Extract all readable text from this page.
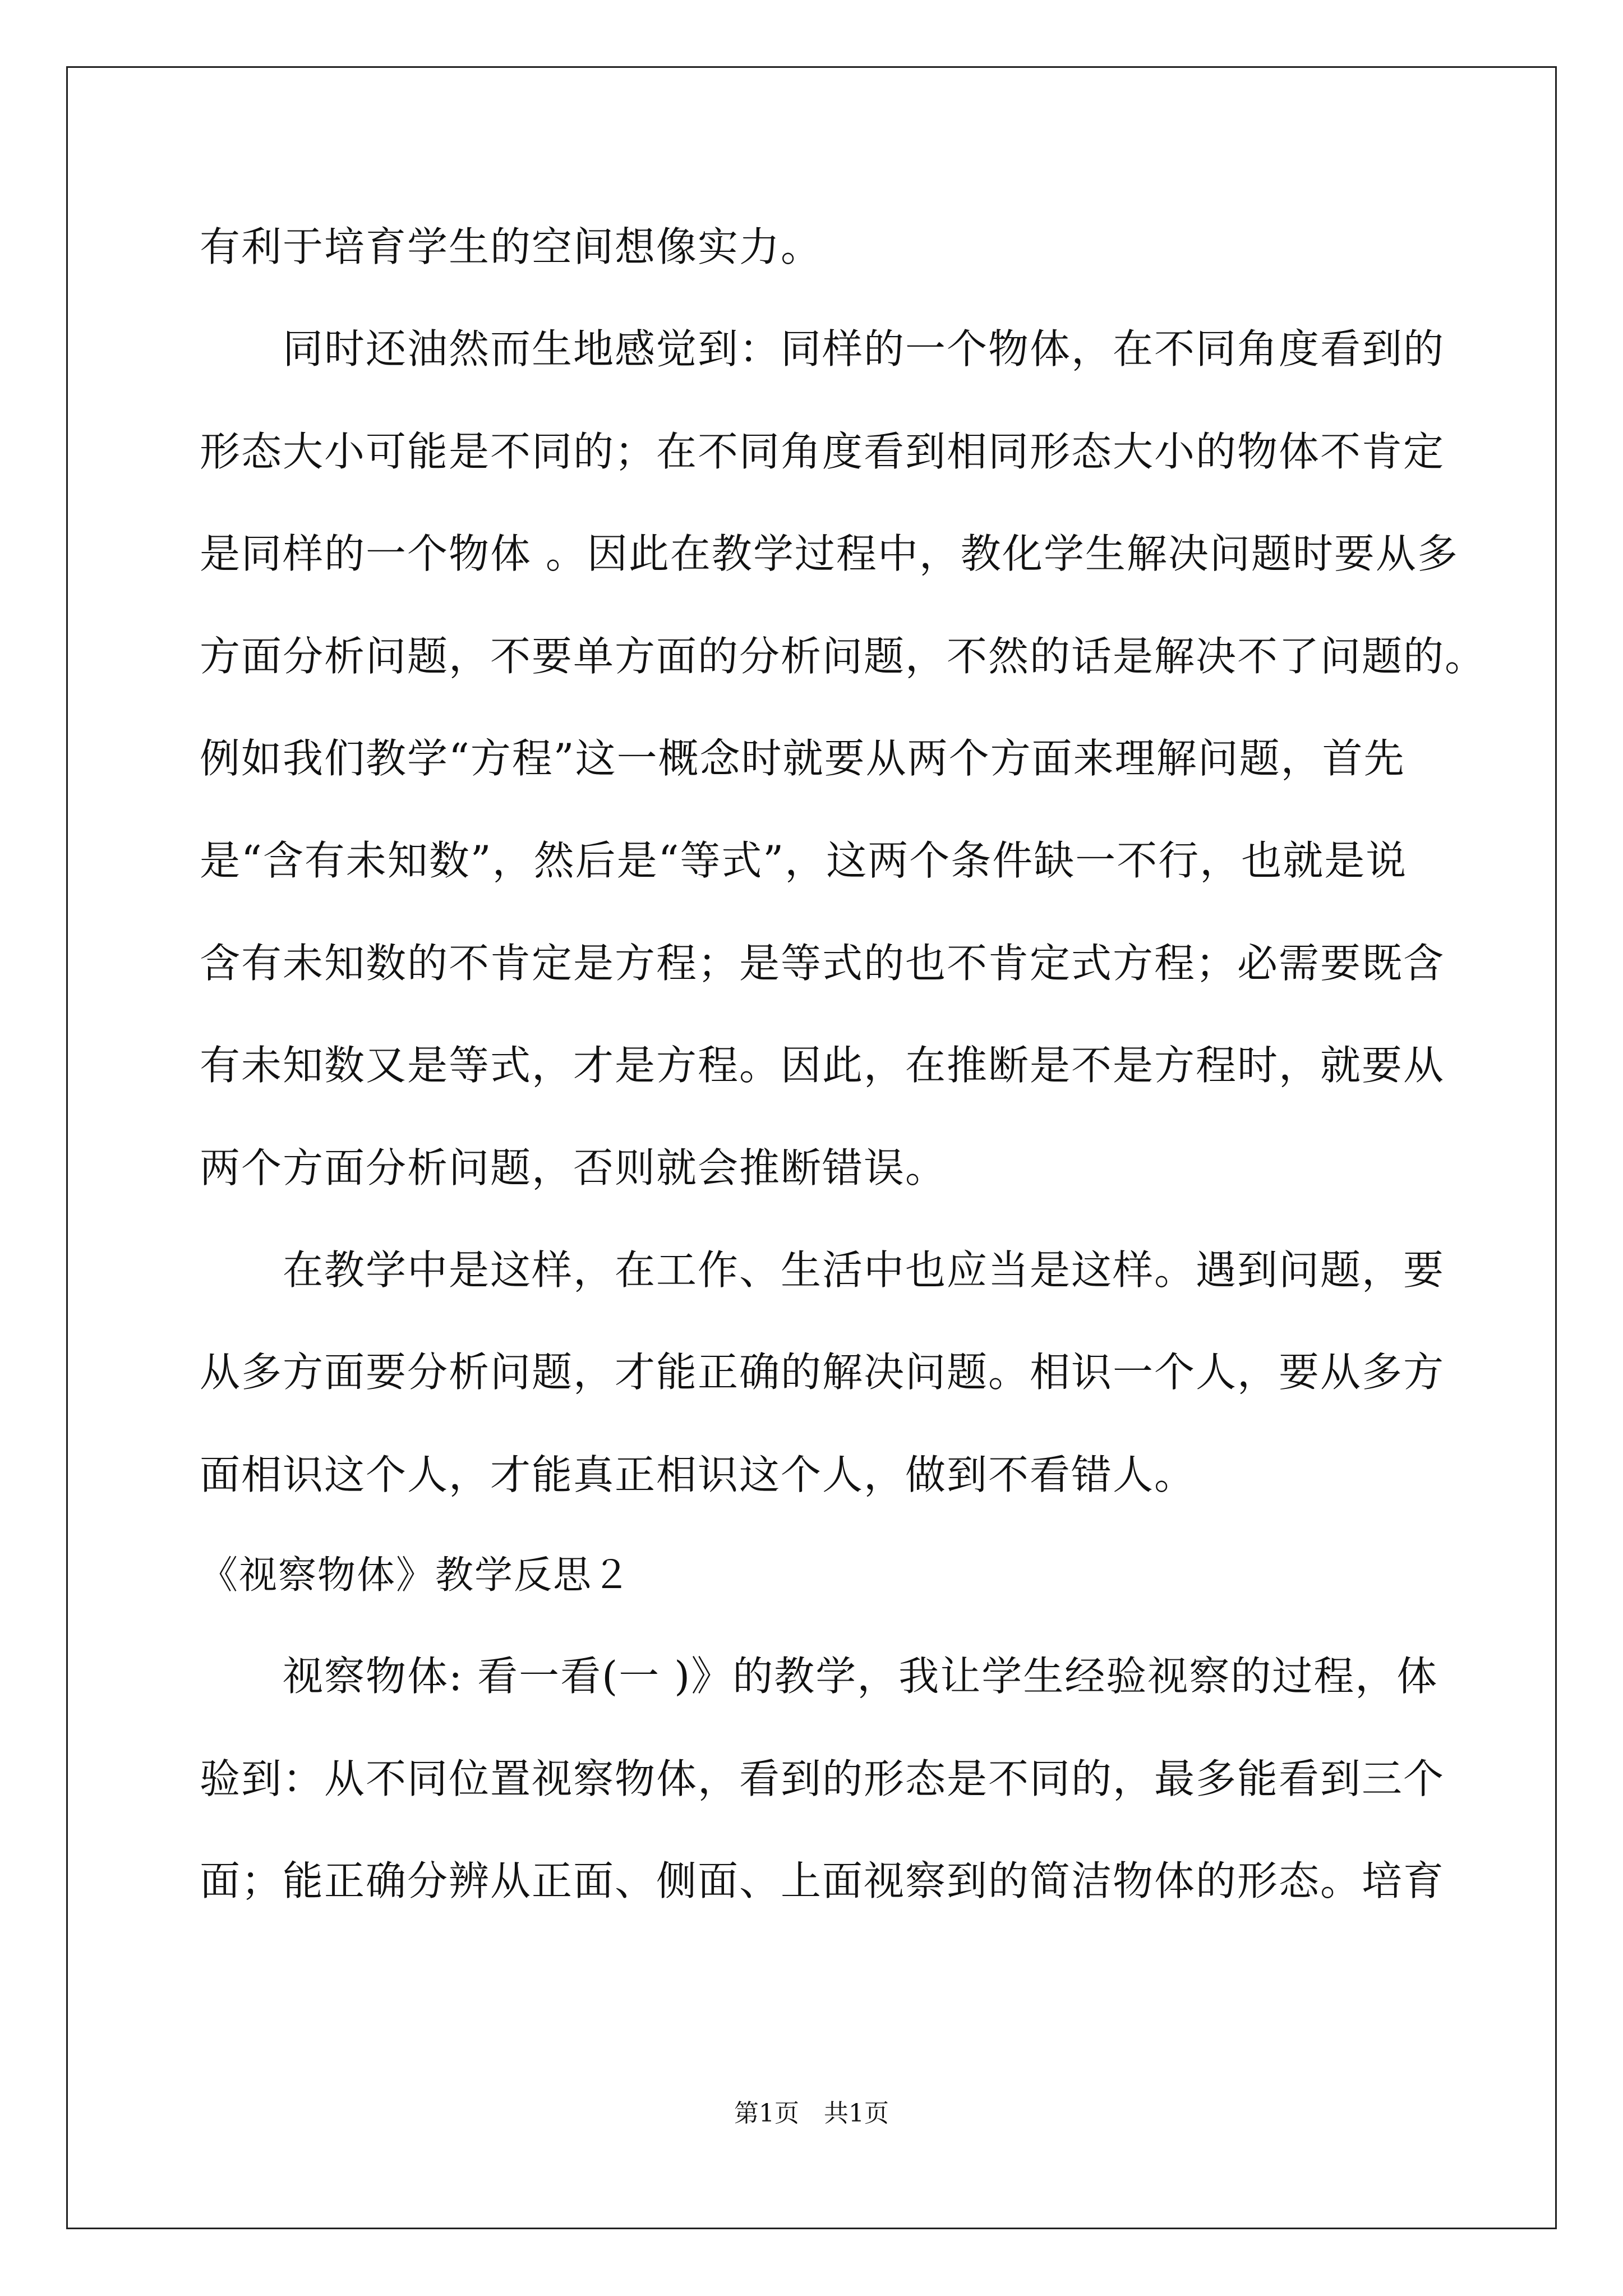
有利于培育学生的空间想像实力。
同时还油然而生地感觉到：同样的一个物体，在不同角度看到的
形态大小可能是不同的；在不同角度看到相同形态大小的物体不肯定
是同样的一个物体 。因此在教学过程中，教化学生解决问题时要从多
方面分析问题，不要单方面的分析问题，不然的话是解决不了问题的。
例如我们教学“方程”这一概念时就要从两个方面来理解问题，首先
是“含有未知数”，然后是“等式”，这两个条件缺一不行，也就是说
含有未知数的不肯定是方程；是等式的也不肯定式方程；必需要既含
有未知数又是等式，才是方程。因此，在推断是不是方程时，就要从
两个方面分析问题，否则就会推断错误。
在教学中是这样，在工作、生活中也应当是这样。遇到问题，要
从多方面要分析问题，才能正确的解决问题。相识一个人，要从多方
面相识这个人，才能真正相识这个人，做到不看错人。
《视察物体》教学反思２
视察物体: 看一看(一 )》的教学，我让学生经验视察的过程，体
验到：从不同位置视察物体，看到的形态是不同的，最多能看到三个
面；能正确分辨从正面、侧面、上面视察到的简洁物体的形态。培育
第1页　共1页
